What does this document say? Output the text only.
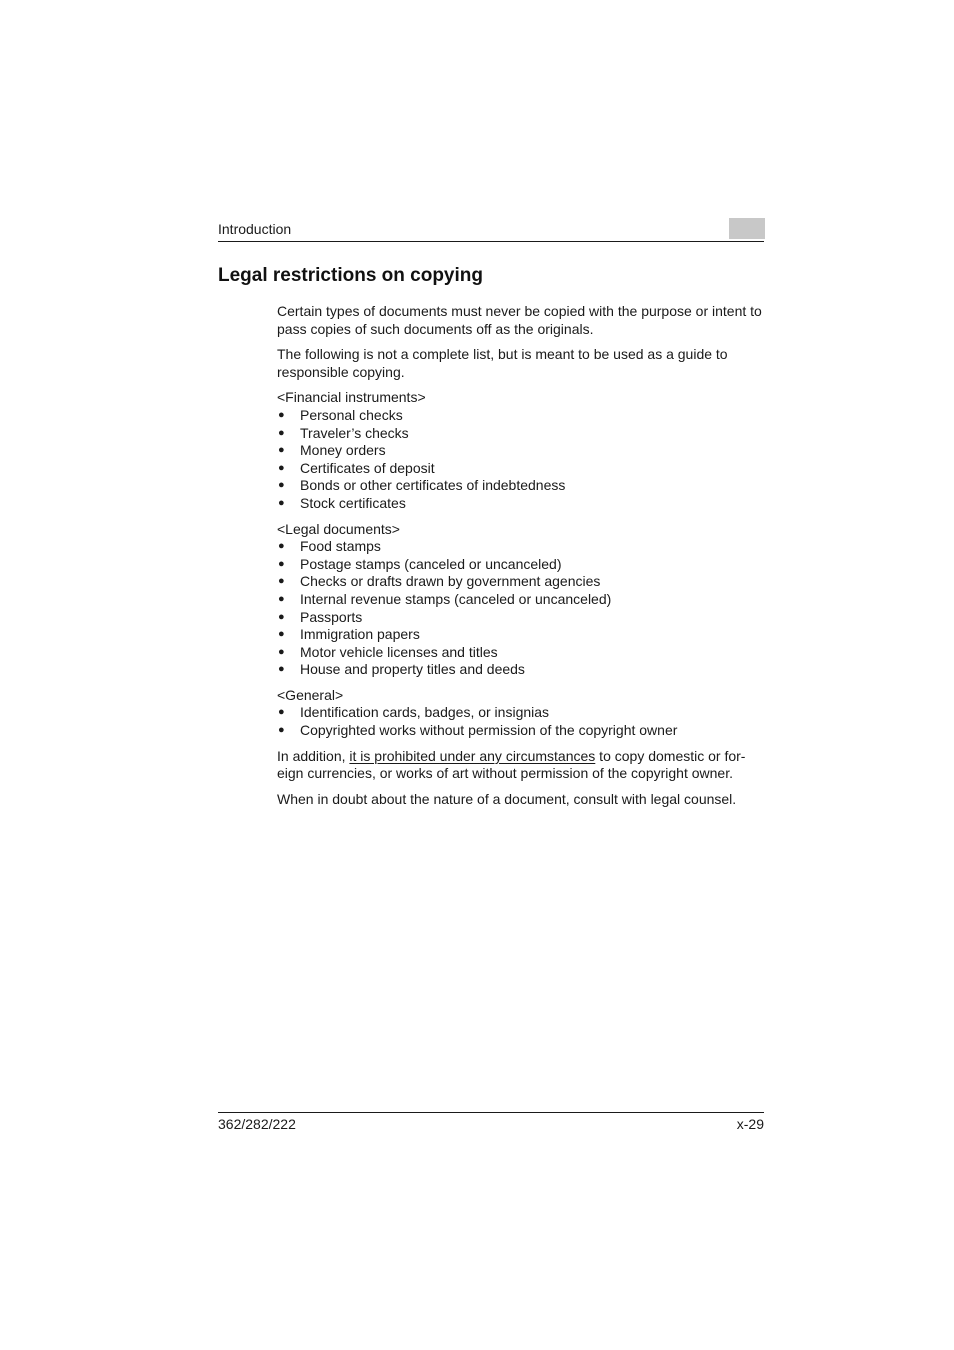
Introduction
Legal restrictions on copying

Certain types of documents must never be copied with the purpose or intent to pass copies of such documents off as the originals.

The following is not a complete list, but is meant to be used as a guide to responsible copying.

<Financial instruments>

● Personal checks
● Traveler’s checks
● Money orders
● Certificates of deposit
● Bonds or other certificates of indebtedness
● Stock certificates

<Legal documents>

● Food stamps
● Postage stamps (canceled or uncanceled)
● Checks or drafts drawn by government agencies
● Internal revenue stamps (canceled or uncanceled)
● Passports
● Immigration papers
● Motor vehicle licenses and titles
● House and property titles and deeds

<General>

● Identification cards, badges, or insignias
● Copyrighted works without permission of the copyright owner

In addition, it is prohibited under any circumstances to copy domestic or for-eign currencies, or works of art without permission of the copyright owner.

When in doubt about the nature of a document, consult with legal counsel.

362/282/222	x-29
